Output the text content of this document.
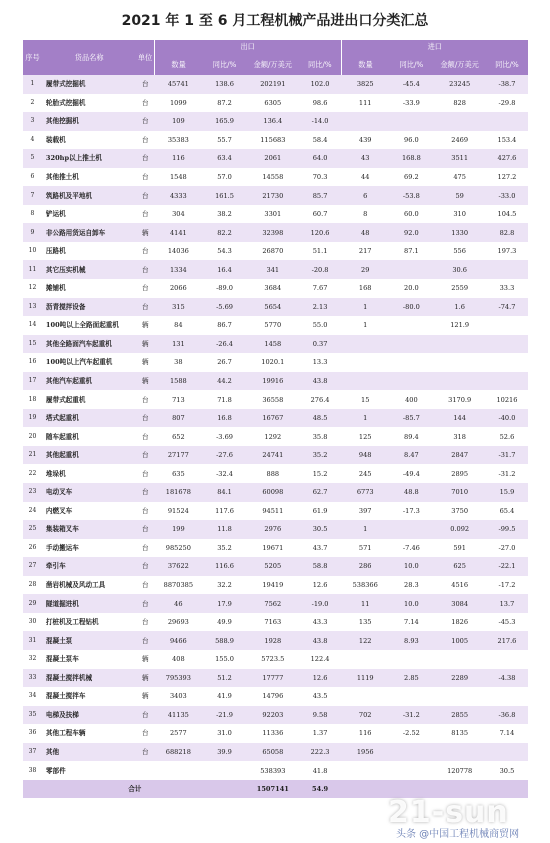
2021 年 1 至 6 月工程机械产品进出口分类汇总
序号	货品名称	单位	出口				进口			
			数量	同比/%	金额/万美元	同比/%	数量	同比/%	金额/万美元	同比/%
1	履带式挖掘机	台	45741	138.6	202191	102.0	3825	-45.4	23245	-38.7
2	轮胎式挖掘机	台	1099	87.2	6305	98.6	111	-33.9	828	-29.8
3	其他挖掘机	台	109	165.9	136.4	-14.0				
4	装载机	台	35383	55.7	115683	58.4	439	96.0	2469	153.4
5	320hp以上推土机	台	116	63.4	2061	64.0	43	168.8	3511	427.6
6	其他推土机	台	1548	57.0	14558	70.3	44	69.2	475	127.2
7	筑路机及平地机	台	4333	161.5	21730	85.7	6	-53.8	59	-33.0
8	铲运机	台	304	38.2	3301	60.7	8	60.0	310	104.5
9	非公路用货运自卸车	辆	4141	82.2	32398	120.6	48	92.0	1330	82.8
10	压路机	台	14036	54.3	26870	51.1	217	87.1	556	197.3
11	其它压实机械	台	1334	16.4	341	-20.8	29		30.6	
12	摊铺机	台	2066	-89.0	3684	7.67	168	20.0	2559	33.3
13	沥青搅拌设备	台	315	-5.69	5654	2.13	1	-80.0	1.6	-74.7
14	100吨以上全路面起重机	辆	84	86.7	5770	55.0	1		121.9	
15	其他全路面汽车起重机	辆	131	-26.4	1458	0.37				
16	100吨以上汽车起重机	辆	38	26.7	1020.1	13.3				
17	其他汽车起重机	辆	1588	44.2	19916	43.8				
18	履带式起重机	台	713	71.8	36558	276.4	15	400	3170.9	10216
19	塔式起重机	台	807	16.8	16767	48.5	1	-85.7	144	-40.0
20	随车起重机	台	652	-3.69	1292	35.8	125	89.4	318	52.6
21	其他起重机	台	27177	-27.6	24741	35.2	948	8.47	2847	-31.7
22	堆垛机	台	635	-32.4	888	15.2	245	-49.4	2895	-31.2
23	电动叉车	台	181678	84.1	60098	62.7	6773	48.8	7010	15.9
24	内燃叉车	台	91524	117.6	94511	61.9	397	-17.3	3750	65.4
25	集装箱叉车	台	199	11.8	2976	30.5	1		0.092	-99.5
26	手动搬运车	台	985250	35.2	19671	43.7	571	-7.46	591	-27.0
27	牵引车	台	37622	116.6	5205	58.8	286	10.0	625	-22.1
28	凿岩机械及风动工具	台	8870385	32.2	19419	12.6	538366	28.3	4516	-17.2
29	隧道掘进机	台	46	17.9	7562	-19.0	11	10.0	3084	13.7
30	打桩机及工程钻机	台	29693	49.9	7163	43.3	135	7.14	1826	-45.3
31	混凝土泵	台	9466	588.9	1928	43.8	122	8.93	1005	217.6
32	混凝土泵车	辆	408	155.0	5723.5	122.4				
33	混凝土搅拌机械	辆	795393	51.2	17777	12.6	1119	2.85	2289	-4.38
34	混凝土搅拌车	辆	3403	41.9	14796	43.5				
35	电梯及扶梯	台	41135	-21.9	92203	9.58	702	-31.2	2855	-36.8
36	其他工程车辆	台	2577	31.0	11336	1.37	116	-2.52	8135	7.14
37	其他	台	688218	39.9	65058	222.3	1956			
38	零部件				538393	41.8			120778	30.5
合计					1507141	54.9				
21-sun
头条 @中国工程机械商贸网
